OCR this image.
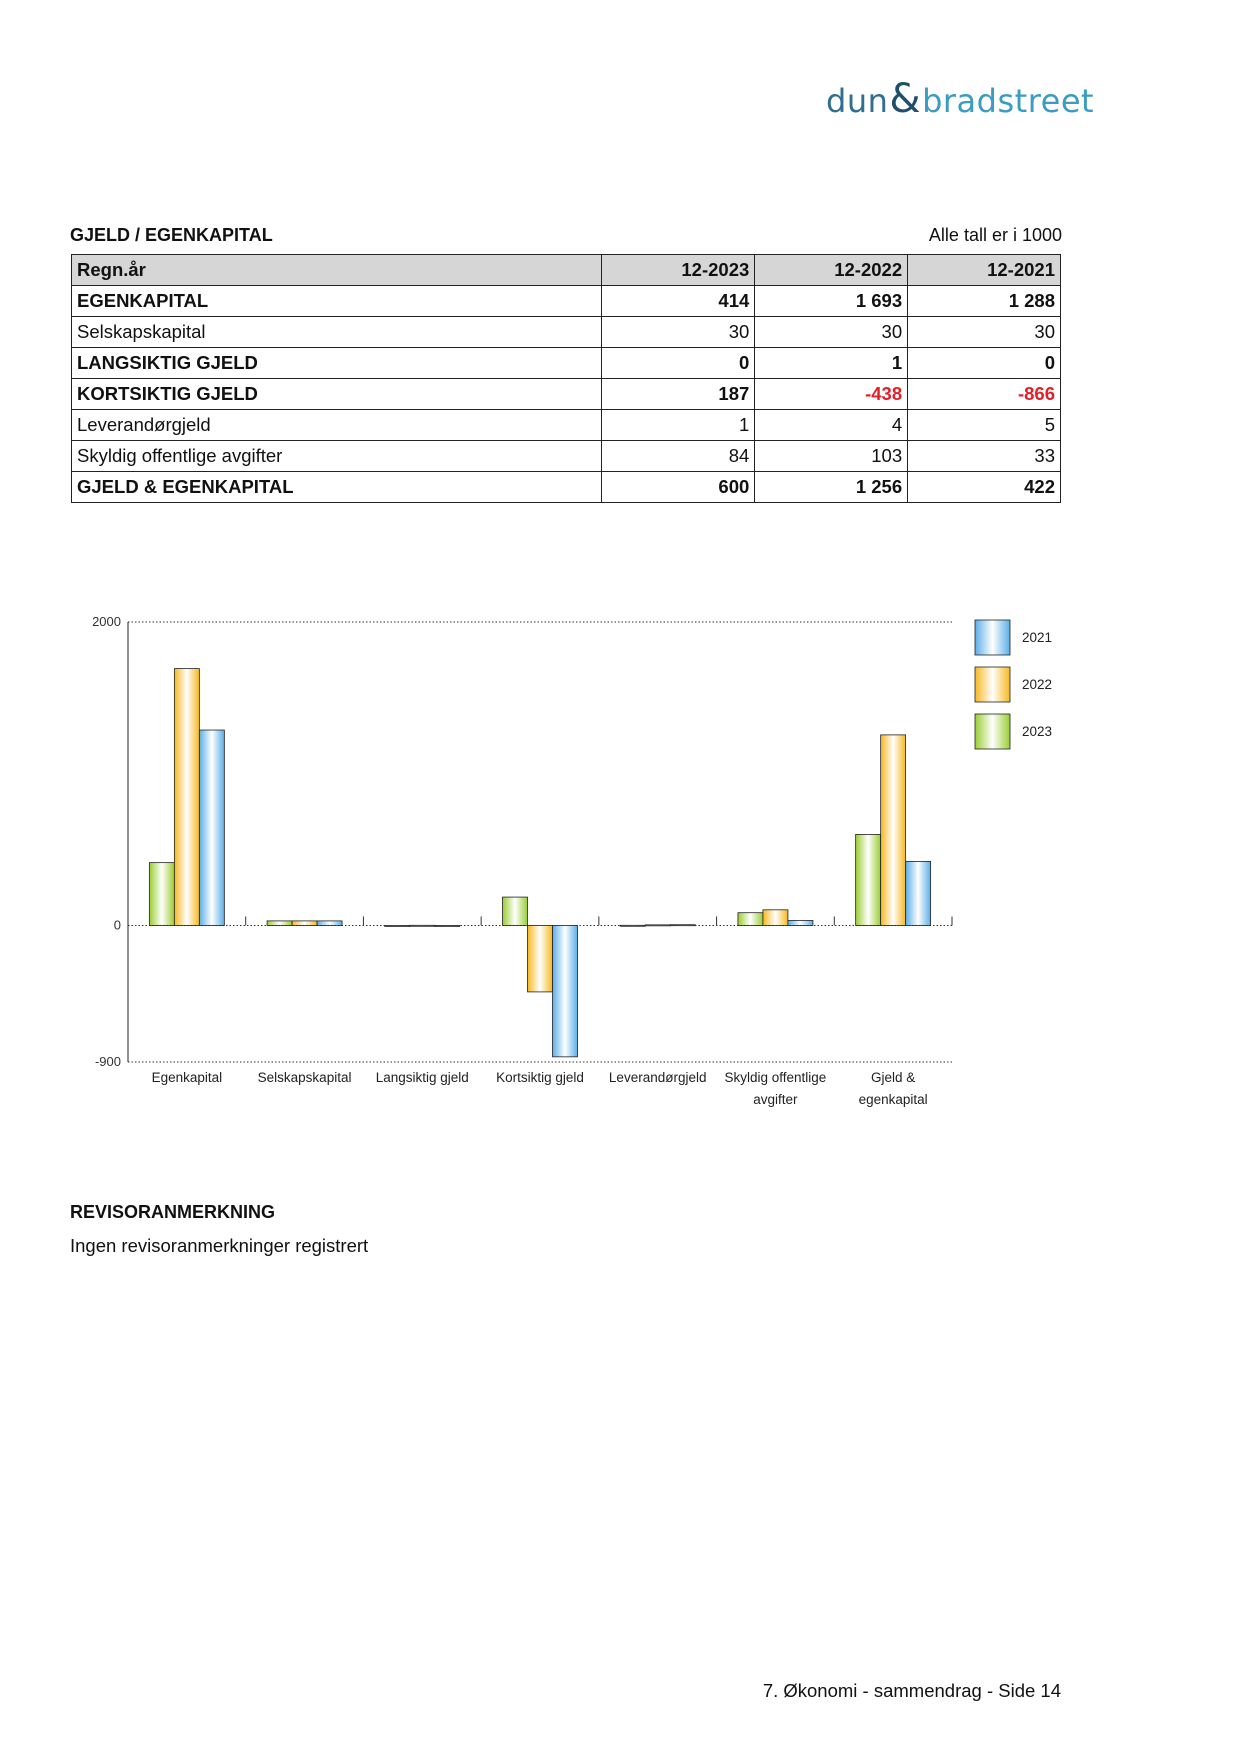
dun & bradstreet
GJELD / EGENKAPITAL	Alle tall er i 1000
Regn.år	12-2023	12-2022	12-2021
EGENKAPITAL	414	1 693	1 288
Selskapskapital	30	30	30
LANGSIKTIG GJELD	0	1	0
KORTSIKTIG GJELD	187	-438	-866
Leverandørgjeld	1	4	5
Skyldig offentlige avgifter	84	103	33
GJELD & EGENKAPITAL	600	1 256	422
2000
0
-900
Egenkapital	Selskapskapital Langsiktig gjeld Kortsiktig gjeld Leverandørgjeld Skyldig offentlige
avgifter
Gjeld &
egenkapital
2021
2022
2023
REVISORANMERKNING
Ingen revisoranmerkninger registrert
7. Økonomi - sammendrag - Side 14
